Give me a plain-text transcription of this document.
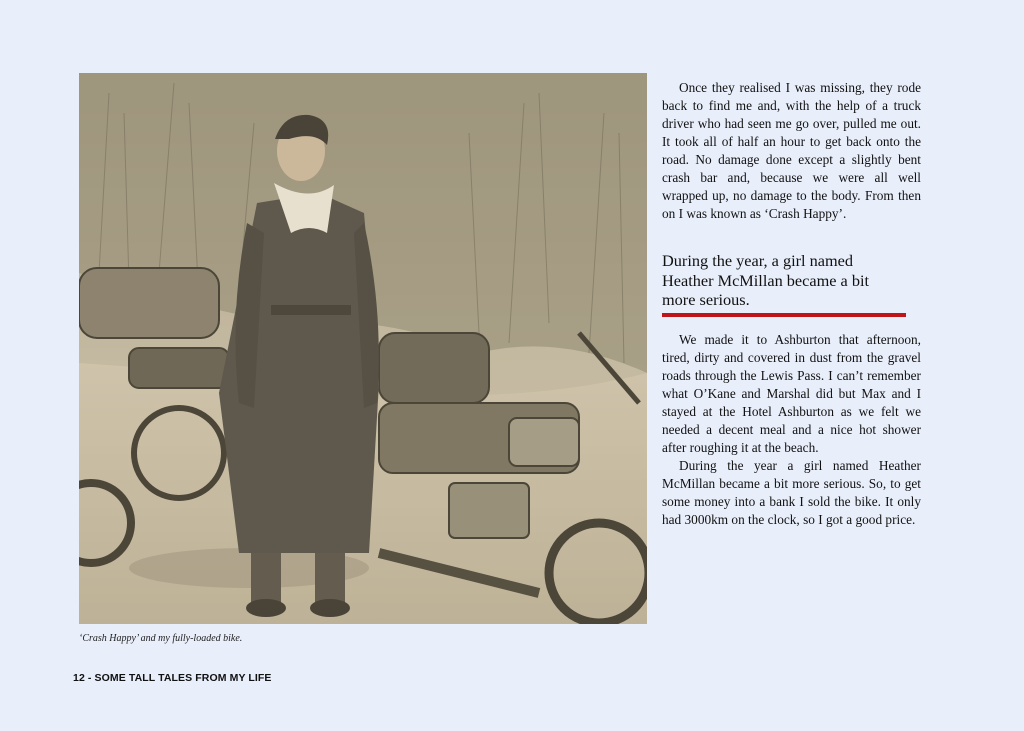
‘Crash Happy’ and my fully-loaded bike.
12 - SOME TALL TALES FROM MY LIFE

Once they realised I was missing, they rode back to find me and, with the help of a truck driver who had seen me go over, pulled me out. It took all of half an hour to get back onto the road. No damage done except a slightly bent crash bar and, because we were all well wrapped up, no damage to the body. From then on I was known as ‘Crash Happy’.

During the year, a girl named Heather McMillan became a bit more serious.

We made it to Ashburton that afternoon, tired, dirty and covered in dust from the gravel roads through the Lewis Pass. I can’t remember what O’Kane and Marshal did but Max and I stayed at the Hotel Ashburton as we felt we needed a decent meal and a nice hot shower after roughing it at the beach.

During the year a girl named Heather McMillan became a bit more serious. So, to get some money into a bank I sold the bike. It only had 3000km on the clock, so I got a good price.
